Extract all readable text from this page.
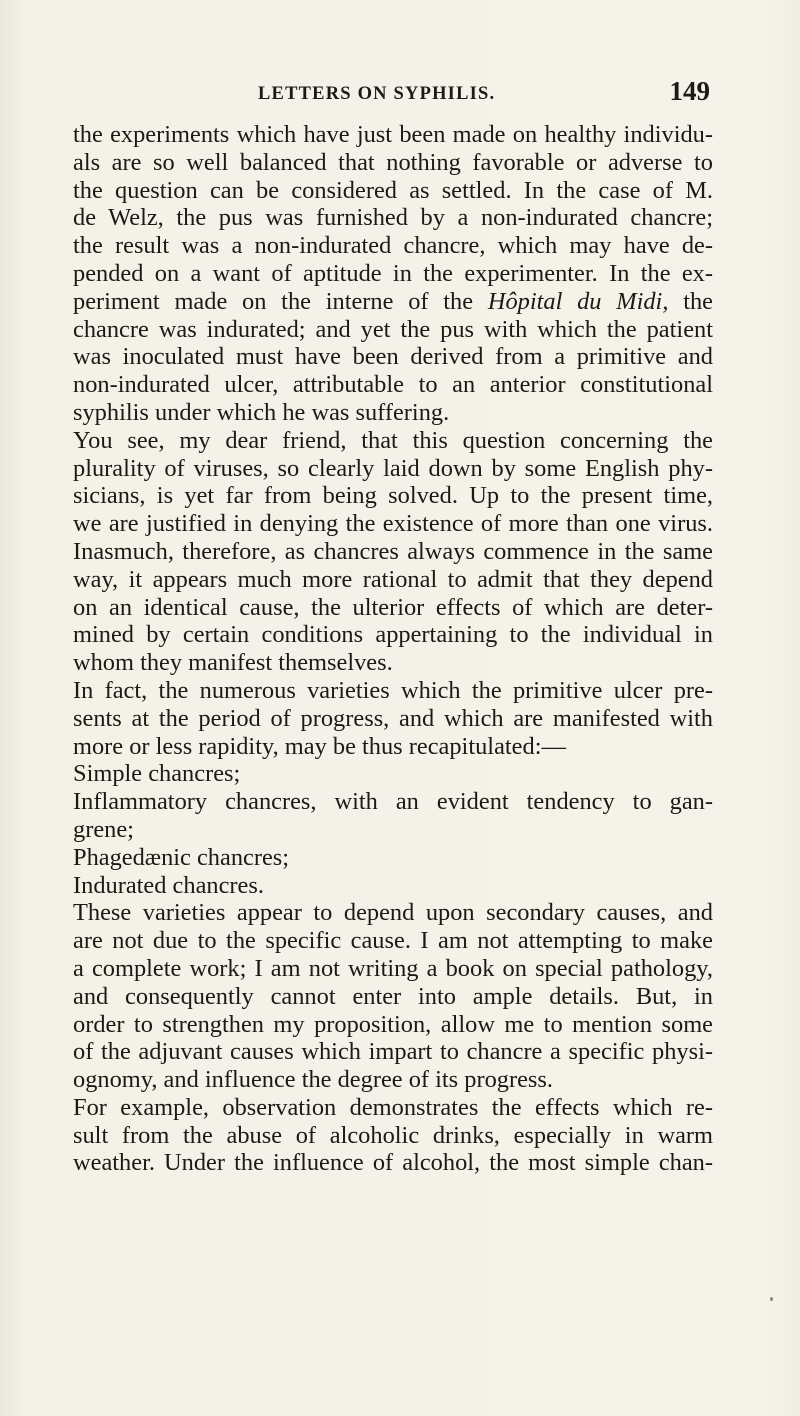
LETTERS ON SYPHILIS.	149
the experiments which have just been made on healthy individu-
als are so well balanced that nothing favorable or adverse to
the question can be considered as settled. In the case of M.
de Welz, the pus was furnished by a non-indurated chancre;
the result was a non-indurated chancre, which may have de-
pended on a want of aptitude in the experimenter. In the ex-
periment made on the interne of the Hôpital du Midi, the
chancre was indurated; and yet the pus with which the patient
was inoculated must have been derived from a primitive and
non-indurated ulcer, attributable to an anterior constitutional
syphilis under which he was suffering.
You see, my dear friend, that this question concerning the
plurality of viruses, so clearly laid down by some English phy-
sicians, is yet far from being solved. Up to the present time,
we are justified in denying the existence of more than one virus.
Inasmuch, therefore, as chancres always commence in the same
way, it appears much more rational to admit that they depend
on an identical cause, the ulterior effects of which are deter-
mined by certain conditions appertaining to the individual in
whom they manifest themselves.
In fact, the numerous varieties which the primitive ulcer pre-
sents at the period of progress, and which are manifested with
more or less rapidity, may be thus recapitulated:—
Simple chancres;
Inflammatory chancres, with an evident tendency to gan-
grene;
Phagedænic chancres;
Indurated chancres.
These varieties appear to depend upon secondary causes, and
are not due to the specific cause. I am not attempting to make
a complete work; I am not writing a book on special pathology,
and consequently cannot enter into ample details. But, in
order to strengthen my proposition, allow me to mention some
of the adjuvant causes which impart to chancre a specific physi-
ognomy, and influence the degree of its progress.
For example, observation demonstrates the effects which re-
sult from the abuse of alcoholic drinks, especially in warm
weather. Under the influence of alcohol, the most simple chan-
